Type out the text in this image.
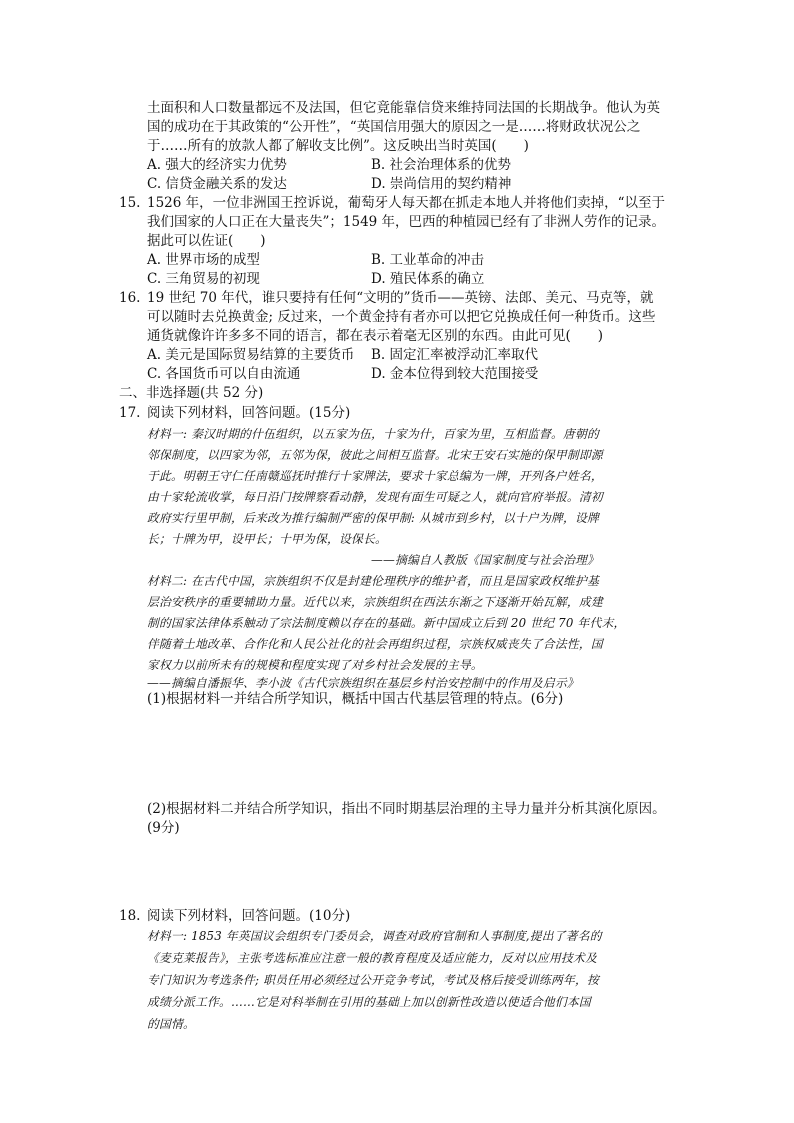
土面积和人口数量都远不及法国，但它竟能靠信贷来维持同法国的长期战争。他认为英
国的成功在于其政策的“公开性”，“英国信用强大的原因之一是……将财政状况公之
于……所有的放款人都了解收支比例”。这反映出当时英国(　　)
A. 强大的经济实力优势	B. 社会治理体系的优势
C. 信贷金融关系的发达	D. 崇尚信用的契约精神
15. 1526 年，一位非洲国王控诉说，葡萄牙人每天都在抓走本地人并将他们卖掉，“以至于
我们国家的人口正在大量丧失”；1549 年，巴西的种植园已经有了非洲人劳作的记录。
据此可以佐证(　　)
A. 世界市场的成型	B. 工业革命的冲击
C. 三角贸易的初现	D. 殖民体系的确立
16. 19 世纪 70 年代，谁只要持有任何“文明的”货币——英镑、法郎、美元、马克等，就
可以随时去兑换黄金; 反过来，一个黄金持有者亦可以把它兑换成任何一种货币。这些
通货就像许许多多不同的语言，都在表示着毫无区别的东西。由此可见(　　)
A. 美元是国际贸易结算的主要货币 B. 固定汇率被浮动汇率取代
C. 各国货币可以自由流通	D. 金本位得到较大范围接受
二、非选择题(共 52 分)
17. 阅读下列材料，回答问题。(15分)
材料一: 秦汉时期的什伍组织，以五家为伍，十家为什，百家为里，互相监督。唐朝的
邻保制度，以四家为邻，五邻为保，彼此之间相互监督。北宋王安石实施的保甲制即源
于此。明朝王守仁任南赣巡抚时推行十家牌法，要求十家总编为一牌，开列各户姓名，
由十家轮流收掌，每日沿门按牌察看动静，发现有面生可疑之人，就向官府举报。清初
政府实行里甲制，后来改为推行编制严密的保甲制: 从城市到乡村，以十户为牌，设牌
长；十牌为甲，设甲长；十甲为保，设保长。
——摘编自人教版《国家制度与社会治理》
材料二: 在古代中国，宗族组织不仅是封建伦理秩序的维护者，而且是国家政权维护基
层治安秩序的重要辅助力量。近代以来，宗族组织在西法东渐之下逐渐开始瓦解，成建
制的国家法律体系触动了宗法制度赖以存在的基础。新中国成立后到 20 世纪 70 年代末，
伴随着土地改革、合作化和人民公社化的社会再组织过程，宗族权威丧失了合法性，国
家权力以前所未有的规模和程度实现了对乡村社会发展的主导。
——摘编自潘振华、李小波《古代宗族组织在基层乡村治安控制中的作用及启示》
(1)根据材料一并结合所学知识，概括中国古代基层管理的特点。(6分)
(2)根据材料二并结合所学知识，指出不同时期基层治理的主导力量并分析其演化原因。
(9分)
18. 阅读下列材料，回答问题。(10分)
材料一: 1853 年英国议会组织专门委员会，调查对政府官制和人事制度,提出了著名的
《麦克莱报告》，主张考选标准应注意一般的教育程度及适应能力，反对以应用技术及
专门知识为考选条件; 职员任用必须经过公开竞争考试，考试及格后接受训练两年，按
成绩分派工作。……它是对科举制在引用的基础上加以创新性改造以使适合他们本国
的国情。
